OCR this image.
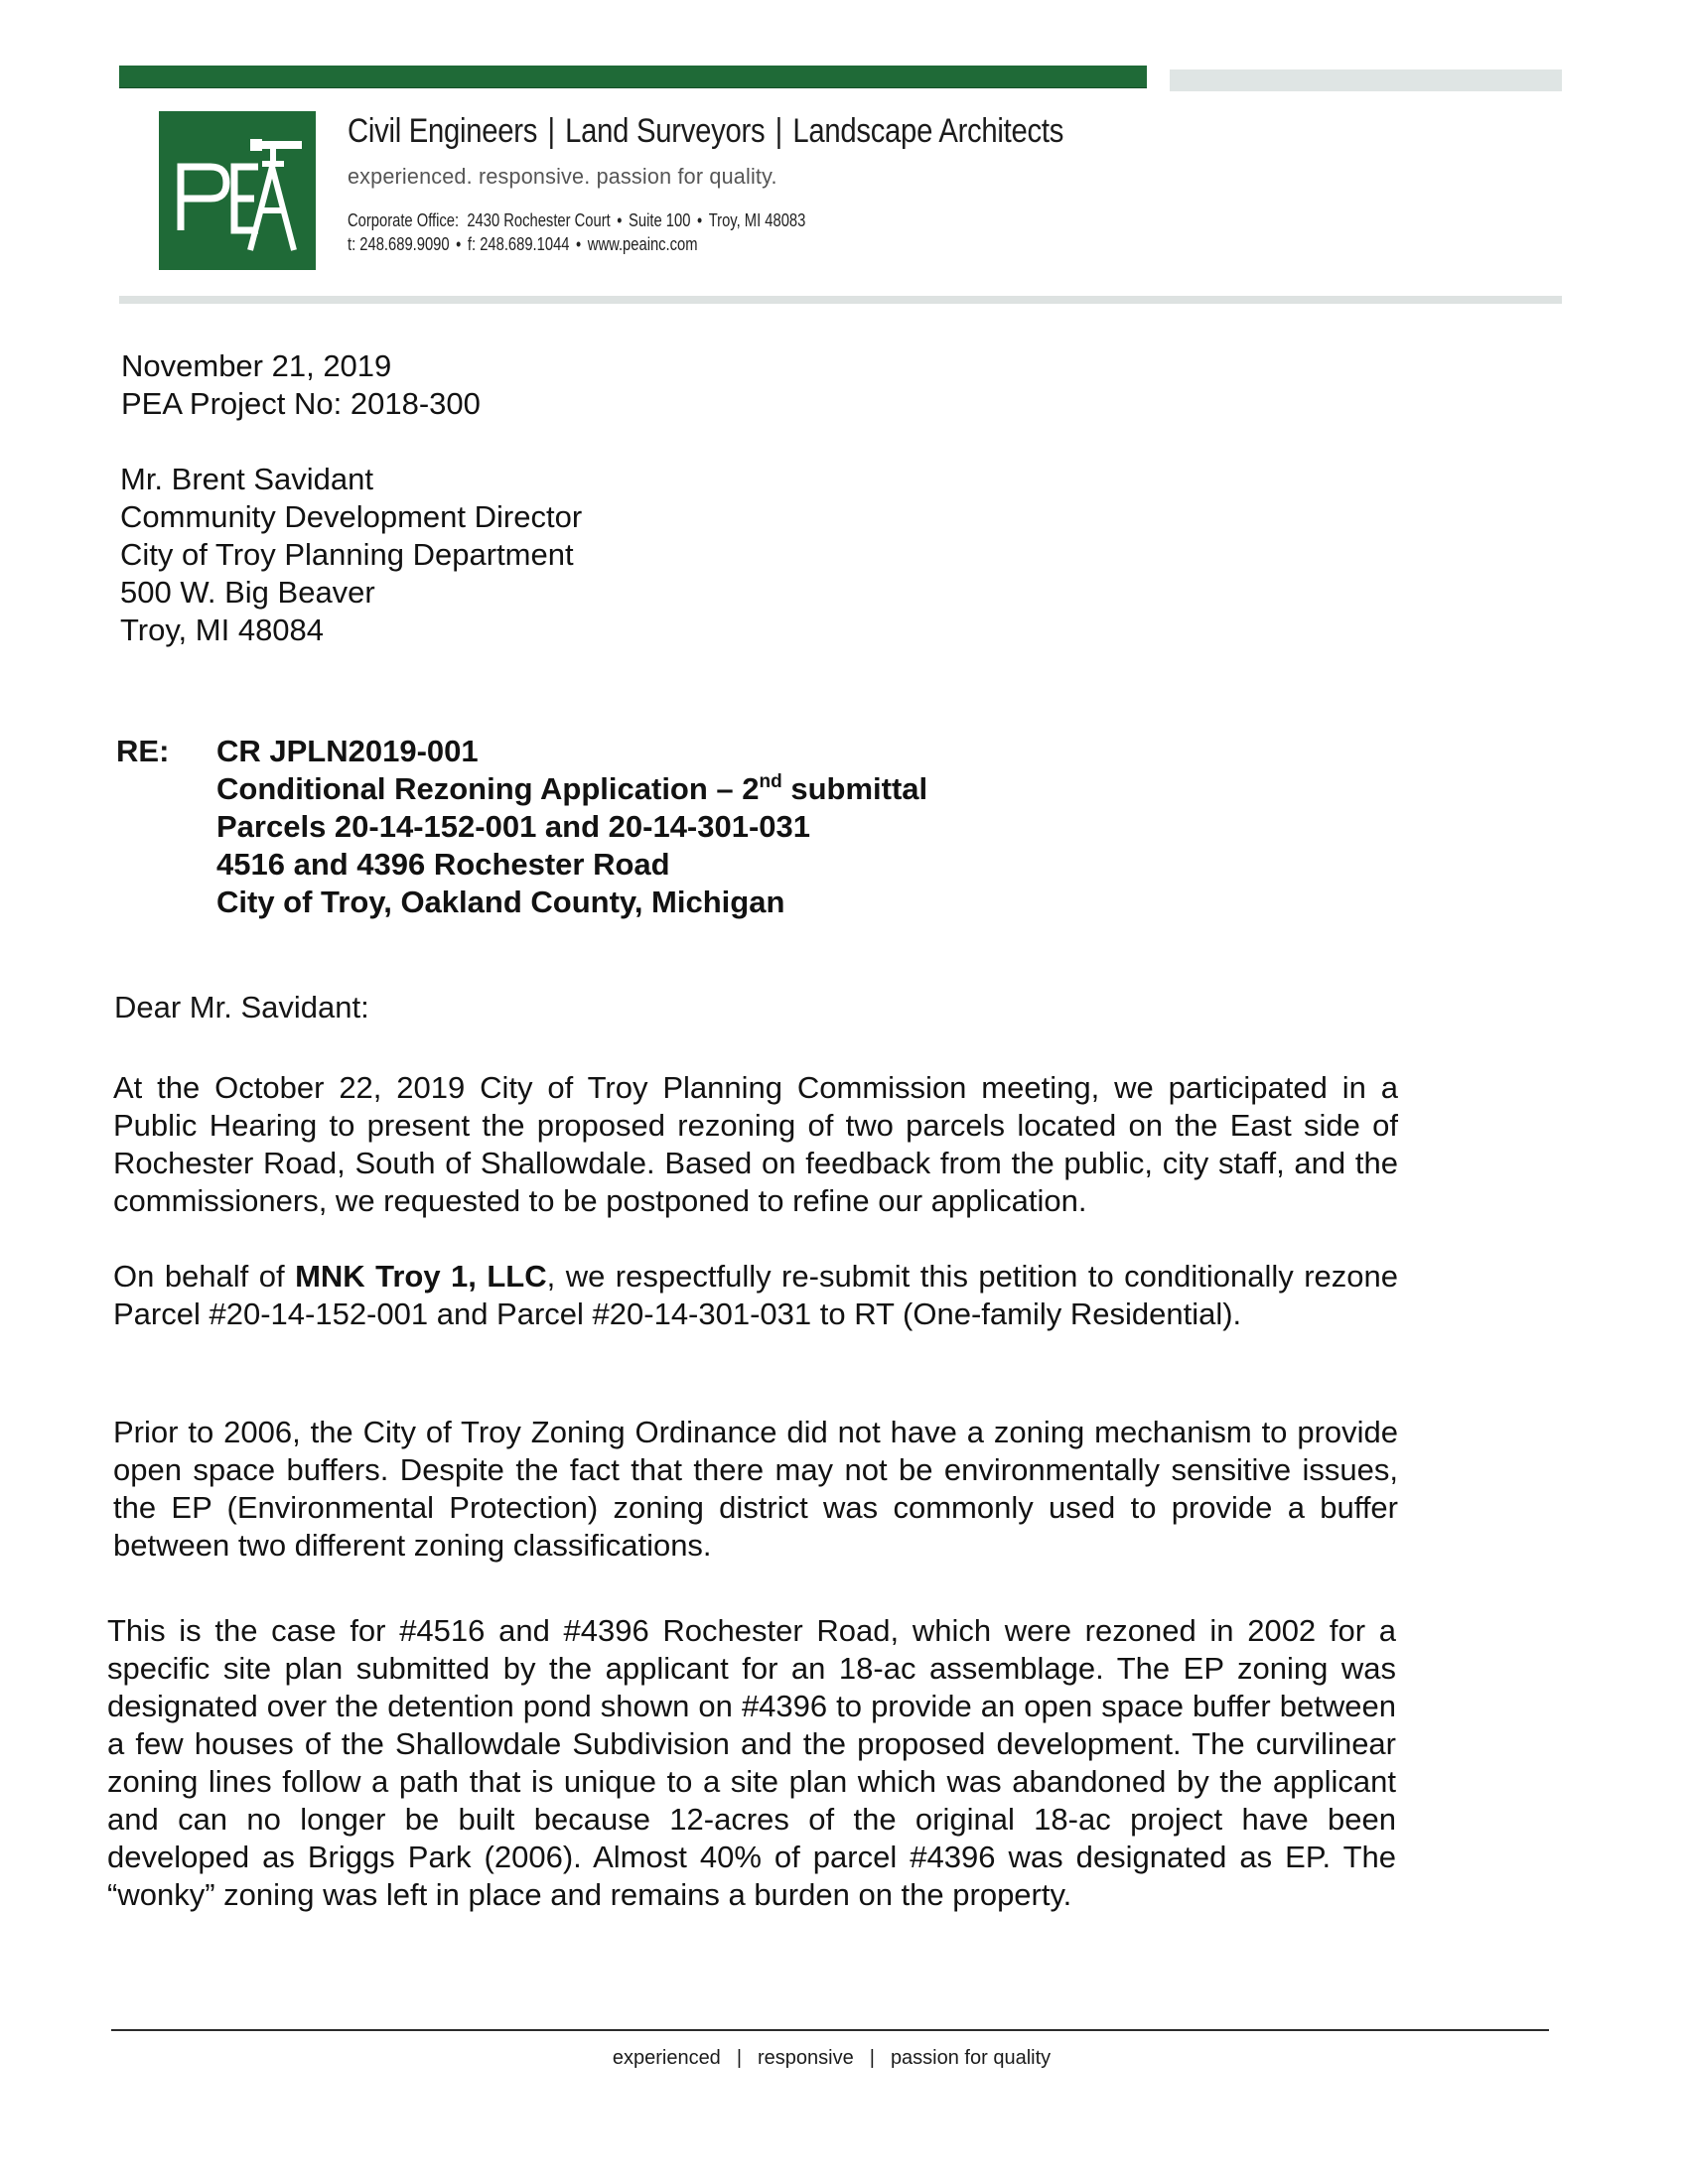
Civil Engineers | Land Surveyors | Landscape Architects
experienced. responsive. passion for quality.
Corporate Office: 2430 Rochester Court • Suite 100 • Troy, MI 48083
t: 248.689.9090 • f: 248.689.1044 • www.peainc.com
November 21, 2019
PEA Project No: 2018-300
Mr. Brent Savidant
Community Development Director
City of Troy Planning Department
500 W. Big Beaver
Troy, MI 48084
RE: CR JPLN2019-001
Conditional Rezoning Application – 2nd submittal
Parcels 20-14-152-001 and 20-14-301-031
4516 and 4396 Rochester Road
City of Troy, Oakland County, Michigan
Dear Mr. Savidant:
At the October 22, 2019 City of Troy Planning Commission meeting, we participated in a Public Hearing to present the proposed rezoning of two parcels located on the East side of Rochester Road, South of Shallowdale. Based on feedback from the public, city staff, and the commissioners, we requested to be postponed to refine our application.
On behalf of MNK Troy 1, LLC, we respectfully re-submit this petition to conditionally rezone Parcel #20-14-152-001 and Parcel #20-14-301-031 to RT (One-family Residential).
Prior to 2006, the City of Troy Zoning Ordinance did not have a zoning mechanism to provide open space buffers. Despite the fact that there may not be environmentally sensitive issues, the EP (Environmental Protection) zoning district was commonly used to provide a buffer between two different zoning classifications.
This is the case for #4516 and #4396 Rochester Road, which were rezoned in 2002 for a specific site plan submitted by the applicant for an 18-ac assemblage. The EP zoning was designated over the detention pond shown on #4396 to provide an open space buffer between a few houses of the Shallowdale Subdivision and the proposed development. The curvilinear zoning lines follow a path that is unique to a site plan which was abandoned by the applicant and can no longer be built because 12-acres of the original 18-ac project have been developed as Briggs Park (2006). Almost 40% of parcel #4396 was designated as EP. The “wonky” zoning was left in place and remains a burden on the property.
experienced | responsive | passion for quality
